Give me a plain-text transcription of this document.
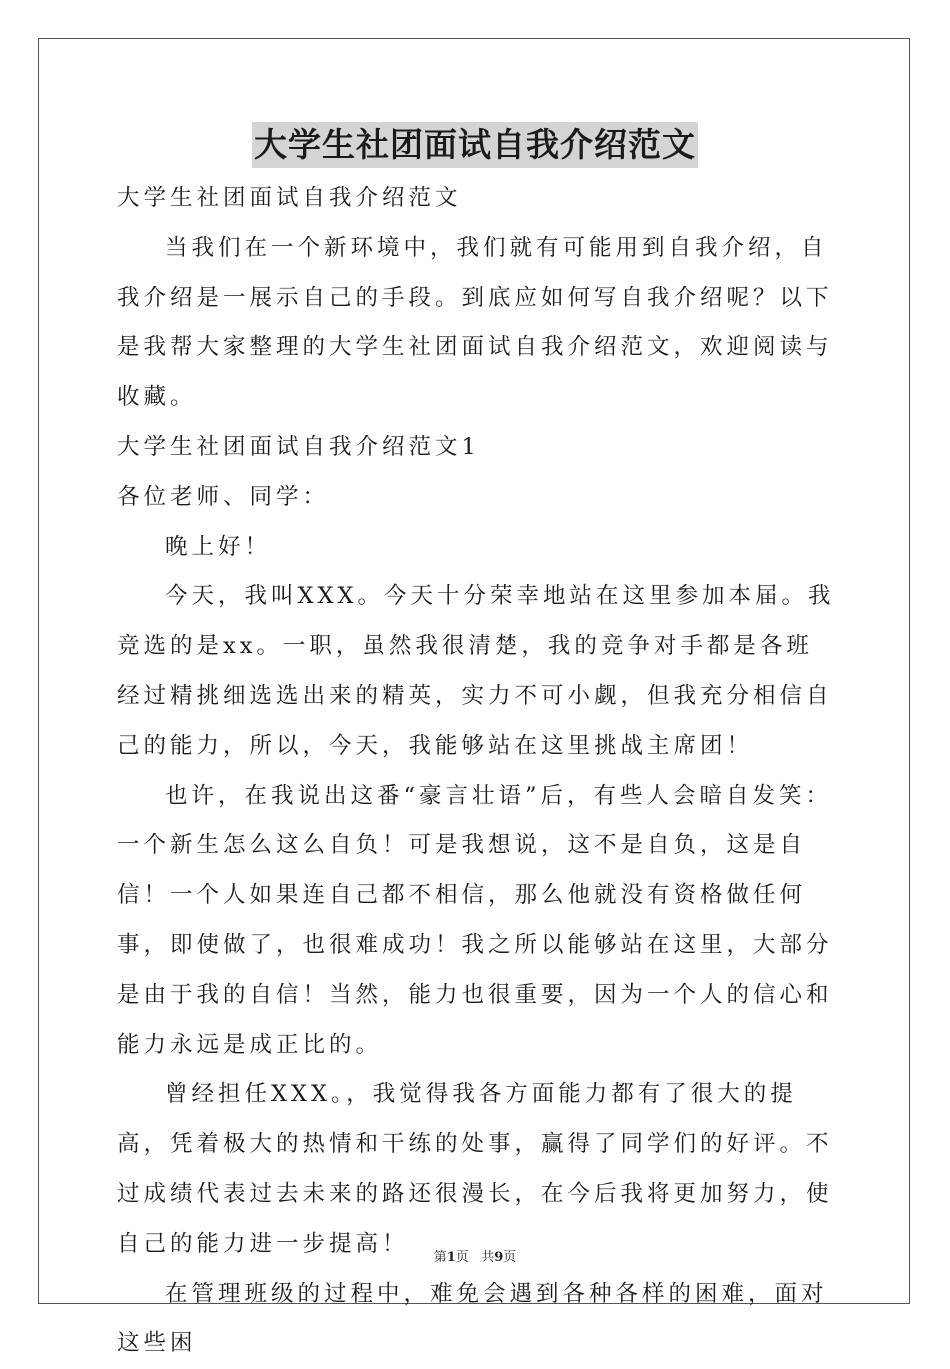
大学生社团面试自我介绍范文

大学生社团面试自我介绍范文

当我们在一个新环境中，我们就有可能用到自我介绍，自我介绍是一展示自己的手段。到底应如何写自我介绍呢？以下是我帮大家整理的大学生社团面试自我介绍范文，欢迎阅读与收藏。

大学生社团面试自我介绍范文1

各位老师、同学：

晚上好！

今天，我叫XXX。今天十分荣幸地站在这里参加本届。我竞选的是xx。一职，虽然我很清楚，我的竞争对手都是各班经过精挑细选选出来的精英，实力不可小觑，但我充分相信自己的能力，所以，今天，我能够站在这里挑战主席团！

也许，在我说出这番“豪言壮语”后，有些人会暗自发笑：一个新生怎么这么自负！可是我想说，这不是自负，这是自信！一个人如果连自己都不相信，那么他就没有资格做任何事，即使做了，也很难成功！我之所以能够站在这里，大部分是由于我的自信！当然，能力也很重要，因为一个人的信心和能力永远是成正比的。

曾经担任XXX。，我觉得我各方面能力都有了很大的提高，凭着极大的热情和干练的处事，赢得了同学们的好评。不过成绩代表过去未来的路还很漫长，在今后我将更加努力，使自己的能力进一步提高！

在管理班级的过程中，难免会遇到各种各样的困难，面对这些困

第1页 共9页
